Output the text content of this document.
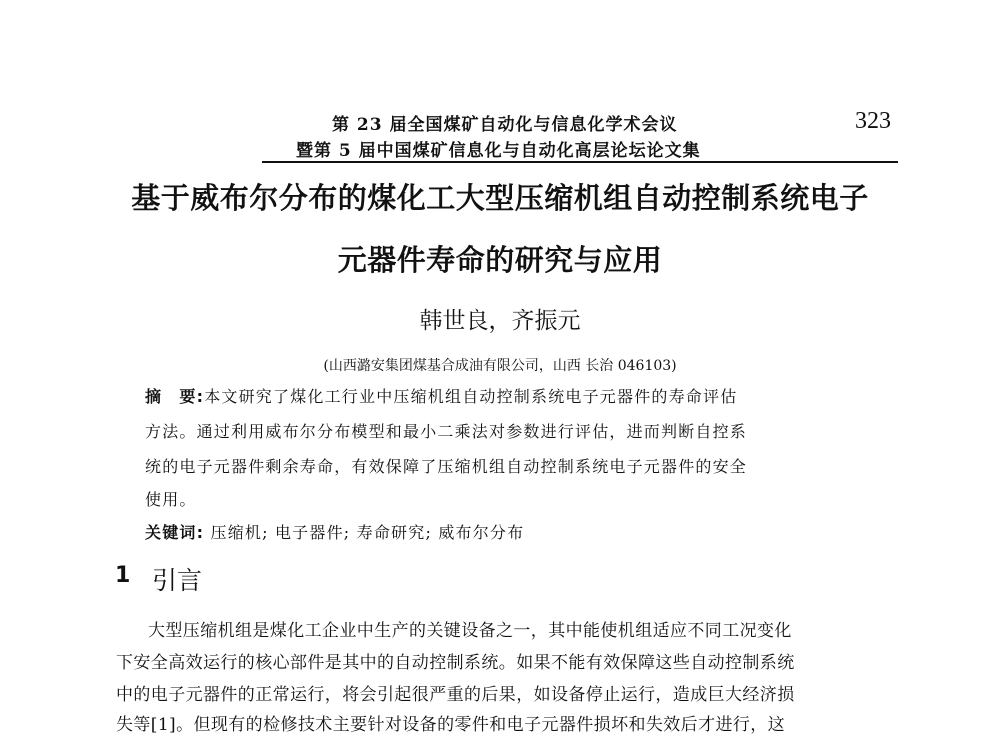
第 23 届全国煤矿自动化与信息化学术会议
暨第 5 届中国煤矿信息化与自动化高层论坛论文集
323
基于威布尔分布的煤化工大型压缩机组自动控制系统电子
元器件寿命的研究与应用
韩世良，齐振元
(山西潞安集团煤基合成油有限公司，山西 长治 046103)
摘　要:本文研究了煤化工行业中压缩机组自动控制系统电子元器件的寿命评估
方法。通过利用威布尔分布模型和最小二乘法对参数进行评估，进而判断自控系
统的电子元器件剩余寿命，有效保障了压缩机组自动控制系统电子元器件的安全
使用。
关键词: 压缩机; 电子器件; 寿命研究; 威布尔分布
1 引言
大型压缩机组是煤化工企业中生产的关键设备之一，其中能使机组适应不同工况变化
下安全高效运行的核心部件是其中的自动控制系统。如果不能有效保障这些自动控制系统
中的电子元器件的正常运行，将会引起很严重的后果，如设备停止运行，造成巨大经济损
失等[1]。但现有的检修技术主要针对设备的零件和电子元器件损坏和失效后才进行，这
